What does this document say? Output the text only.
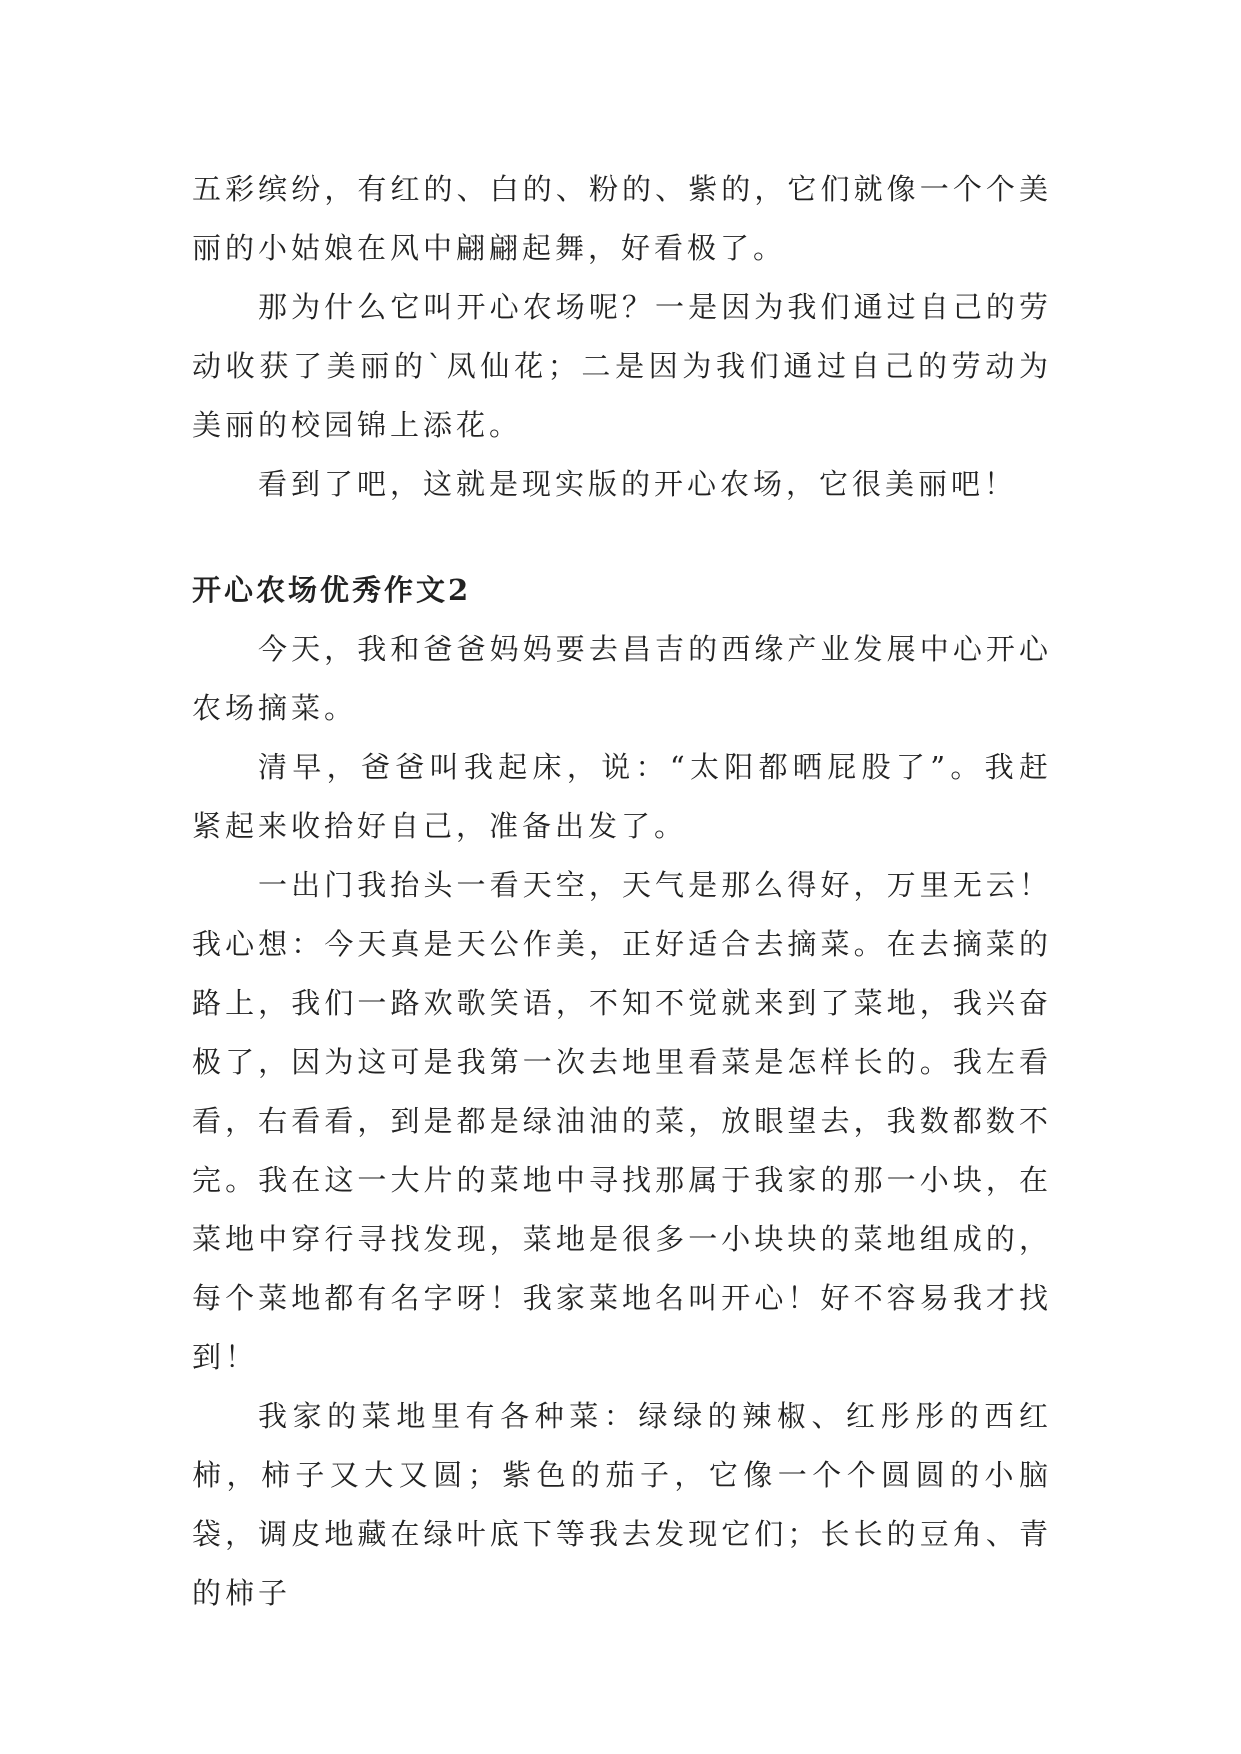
五彩缤纷，有红的、白的、粉的、紫的，它们就像一个个美丽的小姑娘在风中翩翩起舞，好看极了。

那为什么它叫开心农场呢？一是因为我们通过自己的劳动收获了美丽的`凤仙花；二是因为我们通过自己的劳动为美丽的校园锦上添花。

看到了吧，这就是现实版的开心农场，它很美丽吧！

开心农场优秀作文2

今天，我和爸爸妈妈要去昌吉的西缘产业发展中心开心农场摘菜。

清早，爸爸叫我起床，说：“太阳都晒屁股了”。我赶紧起来收拾好自己，准备出发了。

一出门我抬头一看天空，天气是那么得好，万里无云！我心想：今天真是天公作美，正好适合去摘菜。在去摘菜的路上，我们一路欢歌笑语，不知不觉就来到了菜地，我兴奋极了，因为这可是我第一次去地里看菜是怎样长的。我左看看，右看看，到是都是绿油油的菜，放眼望去，我数都数不完。我在这一大片的菜地中寻找那属于我家的那一小块，在菜地中穿行寻找发现，菜地是很多一小块块的菜地组成的，每个菜地都有名字呀！我家菜地名叫开心！好不容易我才找到！

我家的菜地里有各种菜：绿绿的辣椒、红彤彤的西红柿，柿子又大又圆；紫色的茄子，它像一个个圆圆的小脑袋，调皮地藏在绿叶底下等我去发现它们；长长的豆角、青的柿子
